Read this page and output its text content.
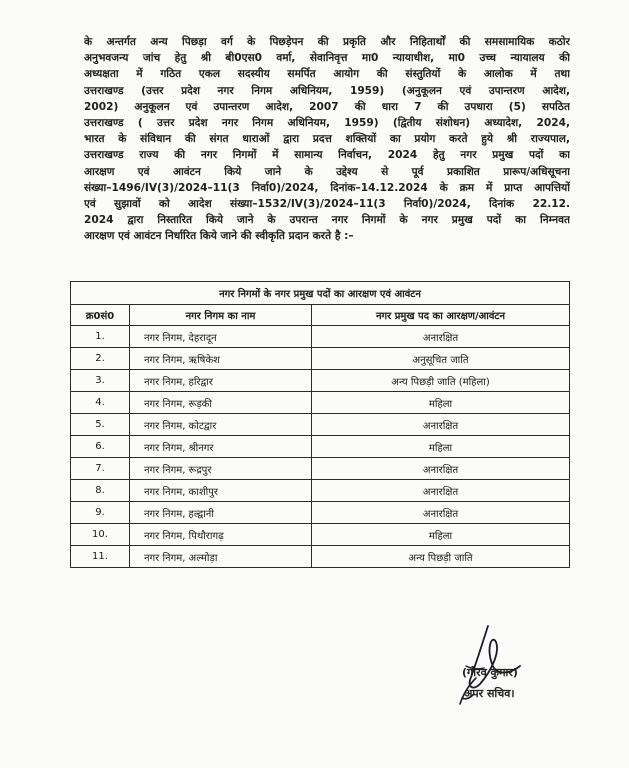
के अन्तर्गत अन्य पिछड़ा वर्ग के पिछड़ेपन की प्रकृति और निहितार्थों की समसामायिक कठोर
अनुभवजन्य जांच हेतु श्री बी0एस0 वर्मा, सेवानिवृत्त मा0 न्यायाधीश, मा0 उच्च न्यायालय की
अध्यक्षता में गठित एकल सदस्यीय समर्पित आयोग की संस्तुतियों के आलोक में तथा
उत्तराखण्ड (उत्तर प्रदेश नगर निगम अधिनियम, 1959) (अनुकूलन एवं उपान्तरण आदेश,
2002) अनुकूलन एवं उपान्तरण आदेश, 2007 की धारा 7 की उपधारा (5) सपठित
उत्तराखण्ड ( उत्तर प्रदेश नगर निगम अधिनियम, 1959) (द्वितीय संशोधन) अध्यादेश, 2024,
भारत के संविधान की संगत धाराओं द्वारा प्रदत्त शक्तियों का प्रयोग करते हुये श्री राज्यपाल,
उत्तराखण्ड राज्य की नगर निगमों में सामान्य निर्वाचन, 2024 हेतु नगर प्रमुख पदों का
आरक्षण एवं आवंटन किये जाने के उद्देश्य से पूर्व प्रकाशित प्रारूप/अधिसूचना
संख्या–1496/IV(3)/2024–11(3 निर्वा0)/2024, दिनांक–14.12.2024 के क्रम में प्राप्त आपत्तियों
एवं सुझावों को आदेश संख्या–1532/IV(3)/2024–11(3 निर्वा0)/2024, दिनांक 22.12.
2024 द्वारा निस्तारित किये जाने के उपरान्त नगर निगमों के नगर प्रमुख पदों का निम्नवत
आरक्षण एवं आवंटन निर्धारित किये जाने की स्वीकृति प्रदान करते है :–
नगर निगमों के नगर प्रमुख पदों का आरक्षण एवं आवंटन		
क्र0सं0	नगर निगम का नाम	नगर प्रमुख पद का आरक्षण/आवंटन
1.	नगर निगम, देहरादून	अनारक्षित
2.	नगर निगम, ऋषिकेश	अनुसूचित जाति
3.	नगर निगम, हरिद्वार	अन्य पिछड़ी जाति (महिला)
4.	नगर निगम, रूड़की	महिला
5.	नगर निगम, कोटद्वार	अनारक्षित
6.	नगर निगम, श्रीनगर	महिला
7.	नगर निगम, रूद्रपुर	अनारक्षित
8.	नगर निगम, काशीपुर	अनारक्षित
9.	नगर निगम, हल्द्वानी	अनारक्षित
10.	नगर निगम, पिथौरागढ़	महिला
11.	नगर निगम, अल्मोड़ा	अन्य पिछड़ी जाति
(गौरव कुमार)
अपर सचिव।
